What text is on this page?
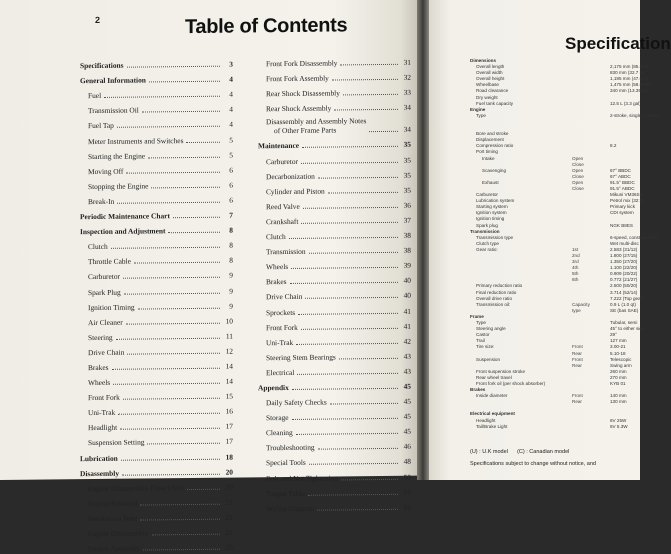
2	Table of Contents
Specifications	3
General Information	4
Fuel	4
Transmission Oil	4
Fuel Tap	4
Meter Instruments and Switches	5
Starting the Engine	5
Moving Off	6
Stopping the Engine	6
Break-In	6
Periodic Maintenance Chart	7
Inspection and Adjustment	8
Clutch	8
Throttle Cable	8
Carburetor	9
Spark Plug	9
Ignition Timing	9
Air Cleaner	10
Steering	11
Drive Chain	12
Brakes	14
Wheels	14
Front Fork	15
Uni-Trak	16
Headlight	17
Suspension Setting	17
Lubrication	18
Disassembly	20
Engine Disassembly Flow Chart	20
Engine Removal	21
Installation Note	21
Engine Disassembly	21
Engine Assembly	25
Front Fork Disassembly	31
Front Fork Assembly	32
Rear Shock Disassembly	33
Rear Shock Assembly	34
Disassembly and Assembly Notes
of Other Frame Parts	34
Maintenance	35
Carburetor	35
Decarbonization	35
Cylinder and Piston	35
Reed Valve	36
Crankshaft	37
Clutch	38
Transmission	38
Wheels	39
Brakes	40
Drive Chain	40
Sprockets	41
Front Fork	41
Uni-Trak	42
Steering Stem Bearings	43
Electrical	43
Appendix	45
Daily Safety Checks	45
Storage	45
Cleaning	45
Troubleshooting	46
Special Tools	48
Bolt and Nut Tightening	50
Torque Table	51
Wiring Diagram	53
Specification
Dimensions
Overall length	2,175 mm (85.6 in)
Overall width	830 mm (32.7 in)
Overall height	1,195 mm (47.0 in)
Wheelbase	1,475 mm (58.07 in)
Road clearance	340 mm (13.39 in)
Dry weight
Fuel tank capacity	12.5 L (3.3 gal)
Engine
Type	2-stroke, single cylinder
Bore and stroke
Displacement
Compression ratio	8.2
Port timing
Intake	Open
Close
Scavenging	Open	67° BBDC
Close	67° ABDC
Exhaust	Open	91.5° BBDC
Close	91.5° ABDC
Carburetor	Mikuni VM36SS
Lubrication system	Petrol mix (32:1)
Starting system	Primary kick
Ignition system	CDI system
Ignition timing
Spark plug	NGK B8ES
Transmission
Transmission type	6-speed, constant mesh
Clutch type	Wet multi-disc
Gear ratio:	1st	2.583 (31/12)
2nd	1.800 (27/15)
3rd	1.350 (27/20)
4th	1.100 (22/20)
5th	0.909 (20/22)
6th	0.772 (21/27)
Primary reduction ratio	2.500 (50/20)
Final reduction ratio	3.714 (52/14)
Overall drive ratio	7.222 (Top gear)
Transmission oil:	Capacity	0.9 L (1.0 qt)
type	SE (bas SAE)
Frame
Type	Tubular, semi
Steering angle	45° to either side
Castor	29°
Trail	127 mm
Tire size:	Front	3.00-21
Rear	5.10-18
Suspension	Front	Telescopic
Rear	Swing arm
Front suspension stroke	260 mm
Rear wheel travel	270 mm
Front fork oil (per shock absorber)	KYB 01
Brakes
Inside diameter	Front	140 mm
Rear	130 mm
Electrical equipment
Headlight	6V 25W
Tail/Brake Light	6V 5.3W
(U) : U.K model (C) : Canadian model
Specifications subject to change without notice, and
